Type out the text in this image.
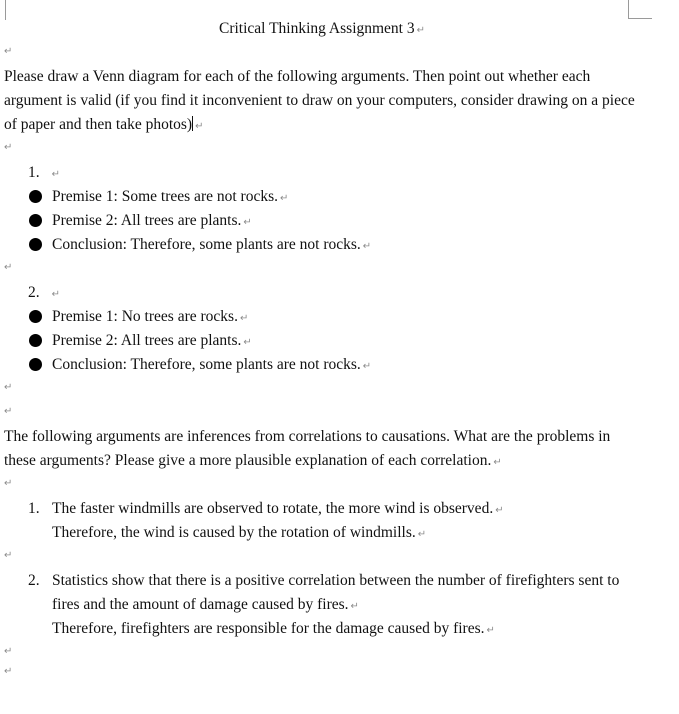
Critical Thinking Assignment 3 ↵
↵
Please draw a Venn diagram for each of the following arguments. Then point out whether each
argument is valid (if you find it inconvenient to draw on your computers, consider drawing on a piece
of paper and then take photos) ↵
↵
1. ↵
Premise 1: Some trees are not rocks. ↵
Premise 2: All trees are plants. ↵
Conclusion: Therefore, some plants are not rocks. ↵
↵
2. ↵
Premise 1: No trees are rocks. ↵
Premise 2: All trees are plants. ↵
Conclusion: Therefore, some plants are not rocks. ↵
↵
↵
The following arguments are inferences from correlations to causations. What are the problems in
these arguments? Please give a more plausible explanation of each correlation. ↵
↵
1. The faster windmills are observed to rotate, the more wind is observed. ↵
Therefore, the wind is caused by the rotation of windmills. ↵
↵
2. Statistics show that there is a positive correlation between the number of firefighters sent to
fires and the amount of damage caused by fires. ↵
Therefore, firefighters are responsible for the damage caused by fires. ↵
↵
↵
